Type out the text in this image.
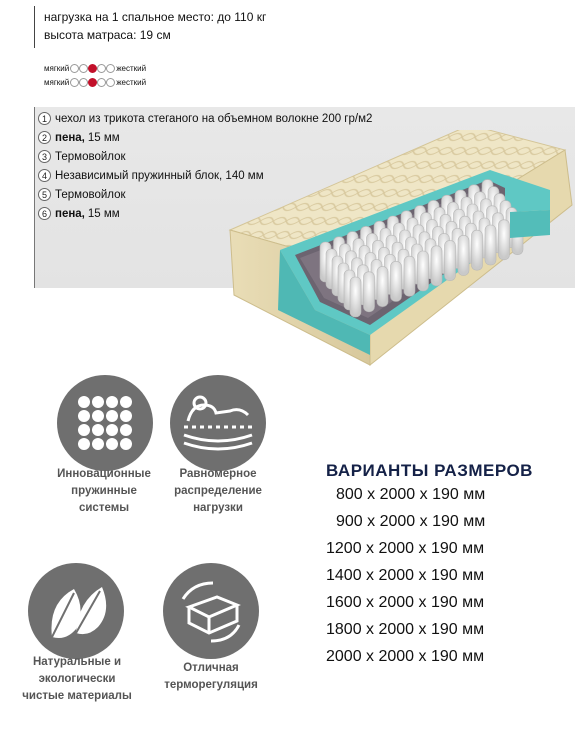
нагрузка на 1 спальное место: до 110 кг
высота матраса: 19 см
мягкий	жесткий
мягкий	жесткий
1 чехол из трикота стеганого на объемном волокне 200 гр/м2
2 пена, 15 мм
3 Термовойлок
4 Независимый пружинный блок, 140 мм
5 Термовойлок
6 пена, 15 мм
Инновационные
пружинные
системы
Равномерное
распределение
нагрузки
Натуральные и
экологически
чистые материалы
Отличная
терморегуляция
ВАРИАНТЫ РАЗМЕРОВ
800 х 2000 х 190 мм
900 х 2000 х 190 мм
1200 х 2000 х 190 мм
1400 х 2000 х 190 мм
1600 х 2000 х 190 мм
1800 х 2000 х 190 мм
2000 х 2000 х 190 мм
